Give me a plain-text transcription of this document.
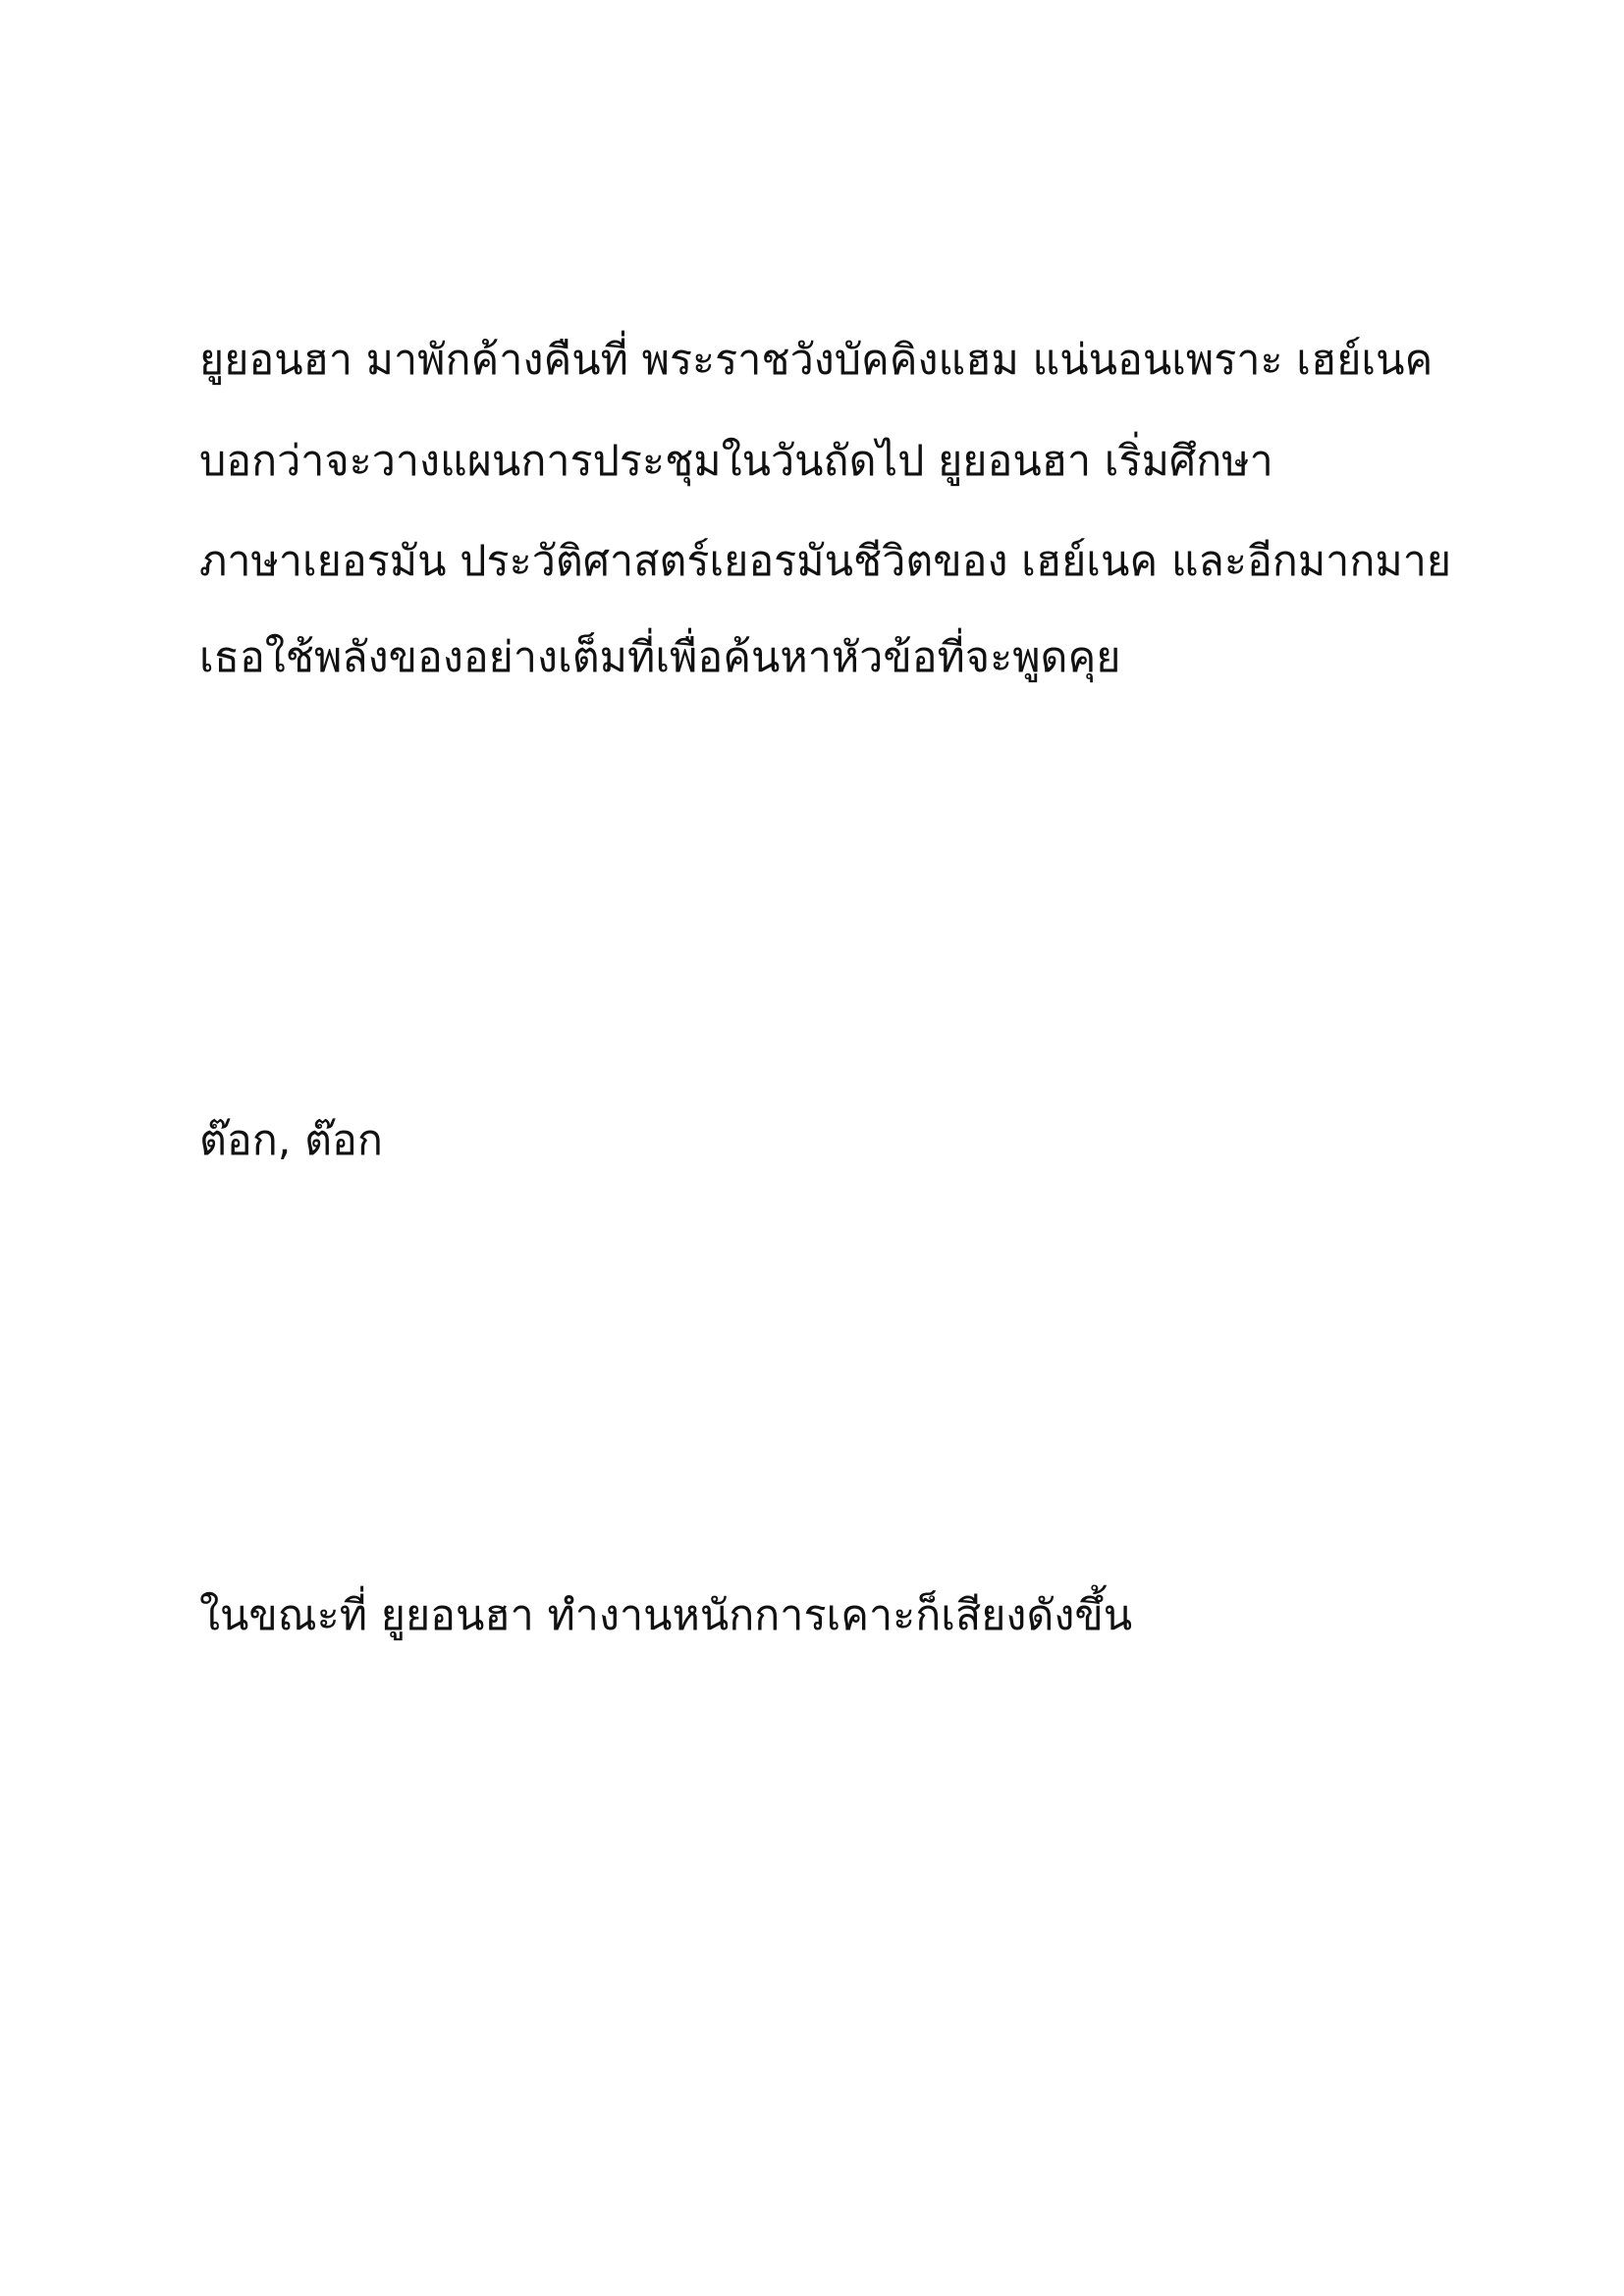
ยูยอนฮา มาพักค้างคืนที่ พระราชวังบัคคิงแฮม แน่นอนเพราะ เฮย์เนค

บอกว่าจะวางแผนการประชุมในวันถัดไป ยูยอนฮา เริ่มศึกษา

ภาษาเยอรมัน ประวัติศาสตร์เยอรมันชีวิตของ เฮย์เนค และอีกมากมาย

เธอใช้พลังของอย่างเต็มที่เพื่อค้นหาหัวข้อที่จะพูดคุย

ต๊อก, ต๊อก

ในขณะที่ ยูยอนฮา ทำงานหนักการเคาะก็เสียงดังขึ้น
